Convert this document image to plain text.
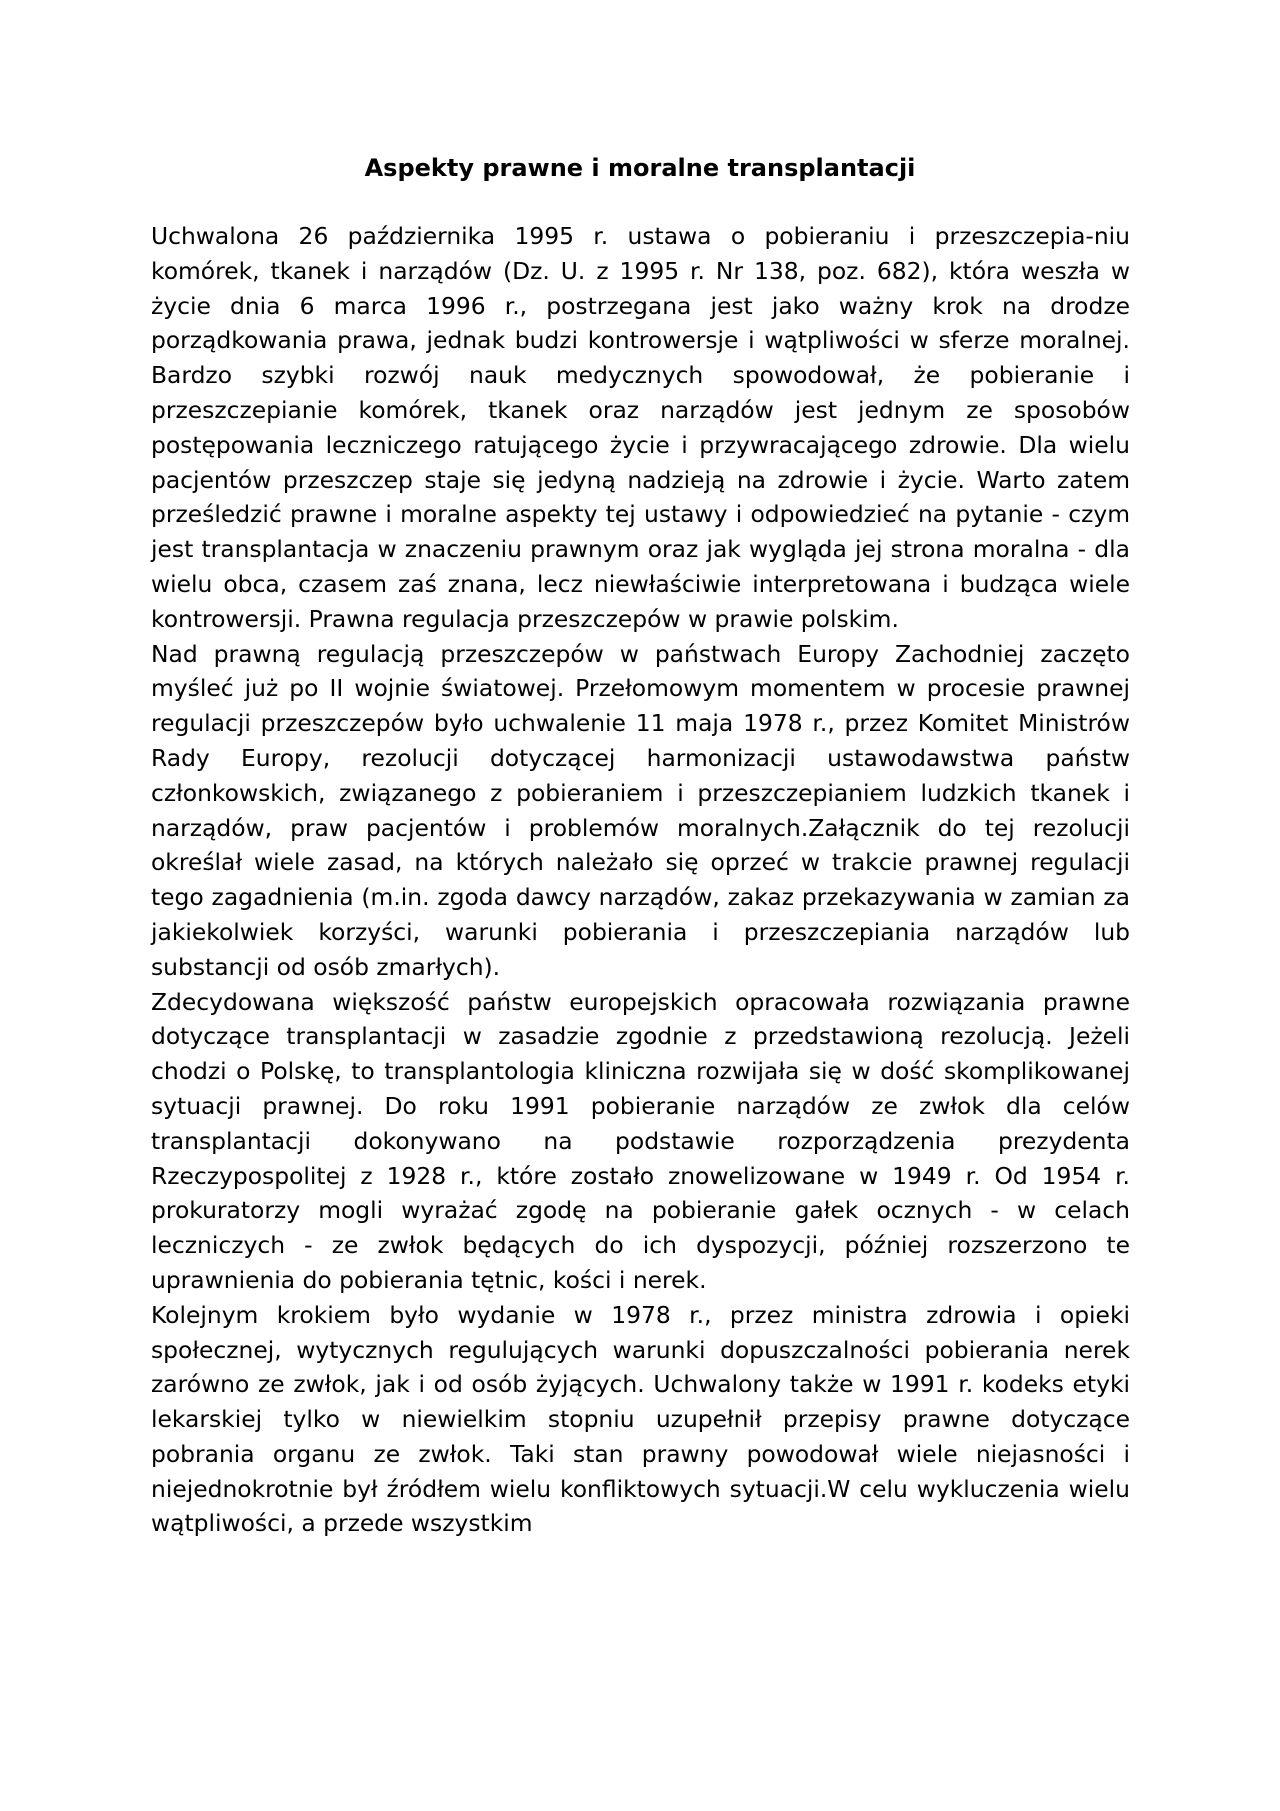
Aspekty prawne i moralne transplantacji

Uchwalona 26 października 1995 r. ustawa o pobieraniu i przeszczepia-niu komórek, tkanek i narządów (Dz. U. z 1995 r. Nr 138, poz. 682), która weszła w życie dnia 6 marca 1996 r., postrzegana jest jako ważny krok na drodze porządkowania prawa, jednak budzi kontrowersje i wątpliwości w sferze moralnej. Bardzo szybki rozwój nauk medycznych spowodował, że pobieranie i przeszczepianie komórek, tkanek oraz narządów jest jednym ze sposobów postępowania leczniczego ratującego życie i przywracającego zdrowie. Dla wielu pacjentów przeszczep staje się jedyną nadzieją na zdrowie i życie. Warto zatem prześledzić prawne i moralne aspekty tej ustawy i odpowiedzieć na pytanie - czym jest transplantacja w znaczeniu prawnym oraz jak wygląda jej strona moralna - dla wielu obca, czasem zaś znana, lecz niewłaściwie interpretowana i budząca wiele kontrowersji. Prawna regulacja przeszczepów w prawie polskim.

Nad prawną regulacją przeszczepów w państwach Europy Zachodniej zaczęto myśleć już po II wojnie światowej. Przełomowym momentem w procesie prawnej regulacji przeszczepów było uchwalenie 11 maja 1978 r., przez Komitet Ministrów Rady Europy, rezolucji dotyczącej harmonizacji ustawodawstwa państw członkowskich, związanego z pobieraniem i przeszczepianiem ludzkich tkanek i narządów, praw pacjentów i problemów moralnych.Załącznik do tej rezolucji określał wiele zasad, na których należało się oprzeć w trakcie prawnej regulacji tego zagadnienia (m.in. zgoda dawcy narządów, zakaz przekazywania w zamian za jakiekolwiek korzyści, warunki pobierania i przeszczepiania narządów lub substancji od osób zmarłych).

Zdecydowana większość państw europejskich opracowała rozwiązania prawne dotyczące transplantacji w zasadzie zgodnie z przedstawioną rezolucją. Jeżeli chodzi o Polskę, to transplantologia kliniczna rozwijała się w dość skomplikowanej sytuacji prawnej. Do roku 1991 pobieranie narządów ze zwłok dla celów transplantacji dokonywano na podstawie rozporządzenia prezydenta Rzeczypospolitej z 1928 r., które zostało znowelizowane w 1949 r. Od 1954 r. prokuratorzy mogli wyrażać zgodę na pobieranie gałek ocznych - w celach leczniczych - ze zwłok będących do ich dyspozycji, później rozszerzono te uprawnienia do pobierania tętnic, kości i nerek.

Kolejnym krokiem było wydanie w 1978 r., przez ministra zdrowia i opieki społecznej, wytycznych regulujących warunki dopuszczalności pobierania nerek zarówno ze zwłok, jak i od osób żyjących. Uchwalony także w 1991 r. kodeks etyki lekarskiej tylko w niewielkim stopniu uzupełnił przepisy prawne dotyczące pobrania organu ze zwłok. Taki stan prawny powodował wiele niejasności i niejednokrotnie był źródłem wielu konfliktowych sytuacji.W celu wykluczenia wielu wątpliwości, a przede wszystkim
